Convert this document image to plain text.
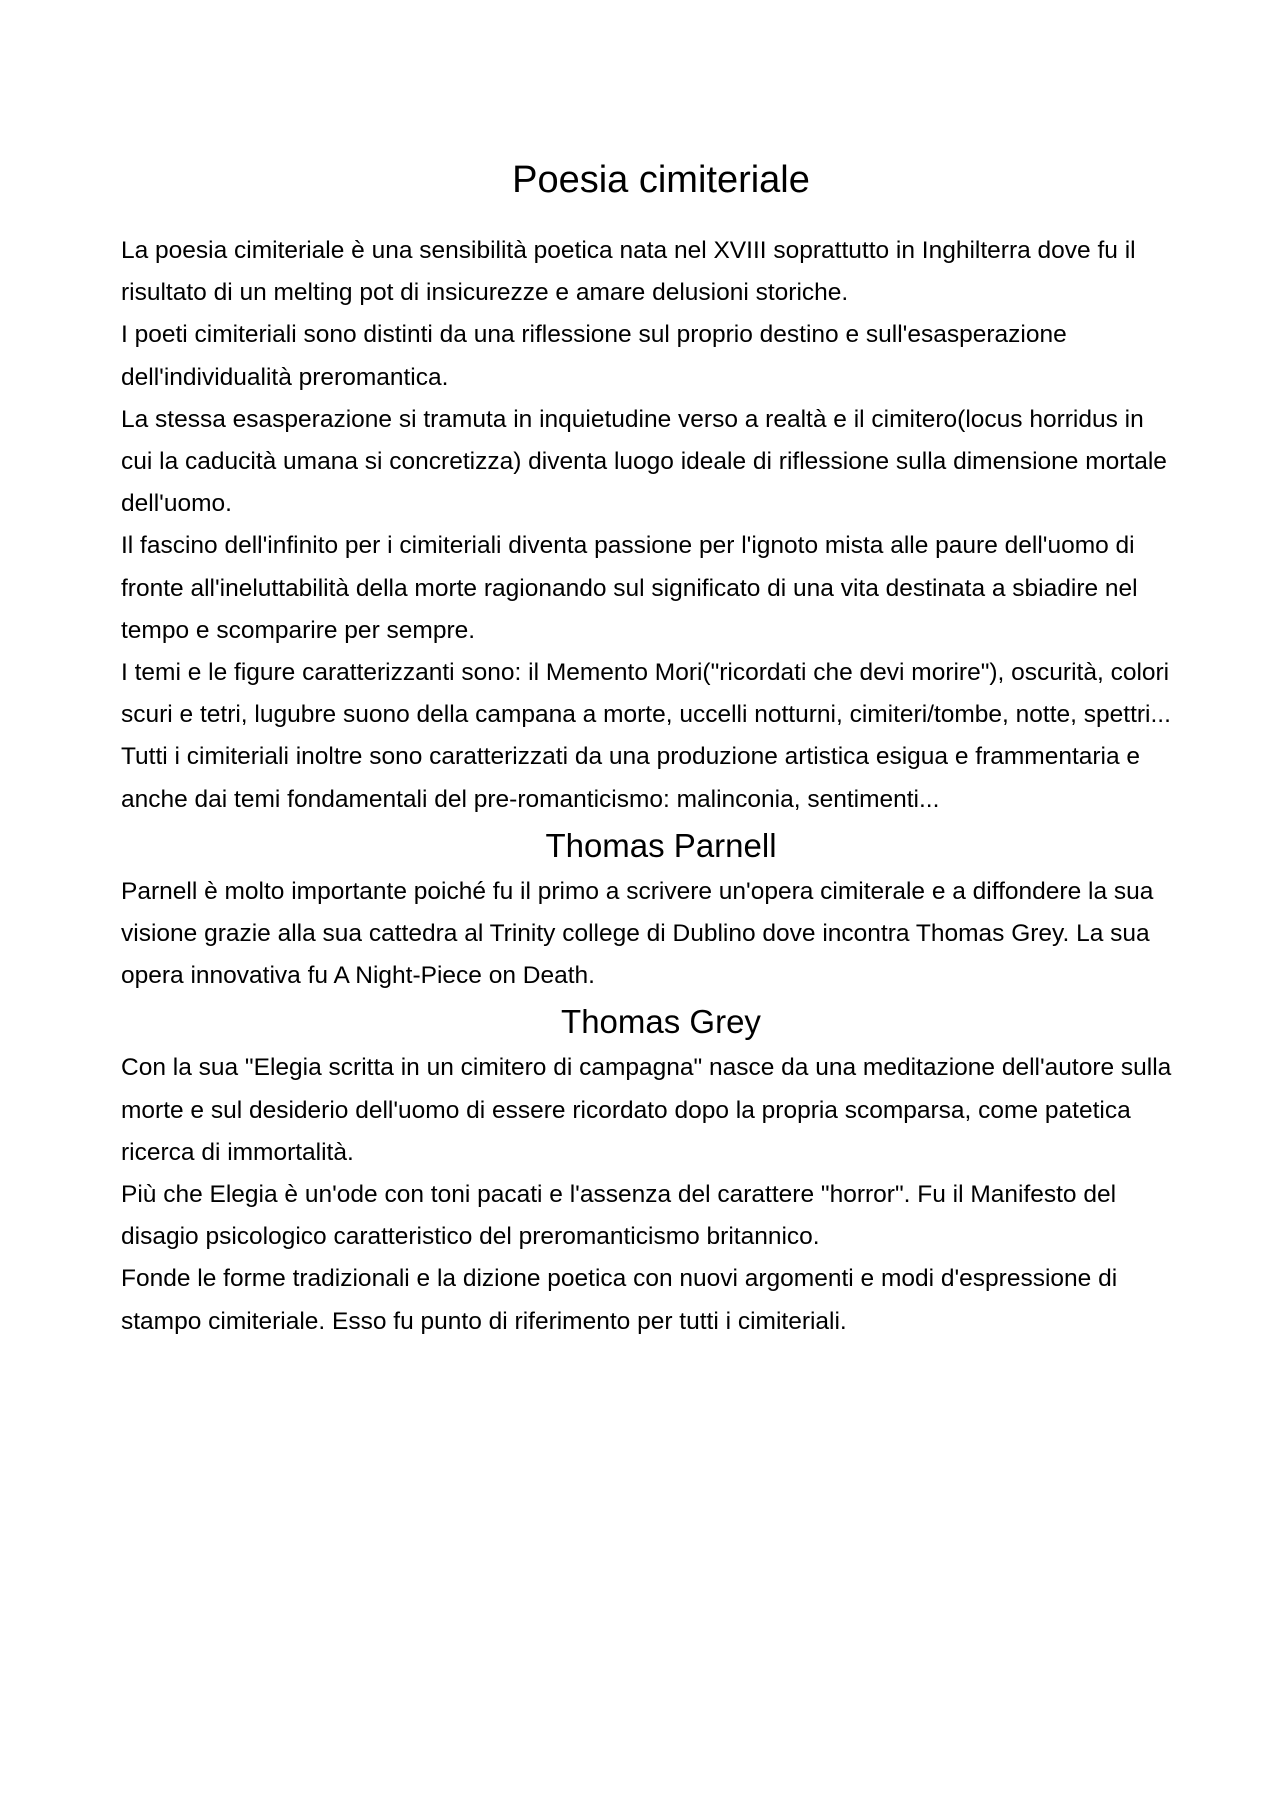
Poesia cimiteriale

La poesia cimiteriale è una sensibilità poetica nata nel XVIII soprattutto in Inghilterra dove fu il risultato di un melting pot di insicurezze e amare delusioni storiche.

I poeti cimiteriali sono distinti da una riflessione sul proprio destino e sull'esasperazione dell'individualità preromantica.

La stessa esasperazione si tramuta in inquietudine verso a realtà e il cimitero(locus horridus in cui la caducità umana si concretizza) diventa luogo ideale di riflessione sulla dimensione mortale dell'uomo.

Il fascino dell'infinito per i cimiteriali diventa passione per l'ignoto mista alle paure dell'uomo di fronte all'ineluttabilità della morte ragionando sul significato di una vita destinata a sbiadire nel tempo e scomparire per sempre.

I temi e le figure caratterizzanti sono: il Memento Mori("ricordati che devi morire"), oscurità, colori scuri e tetri, lugubre suono della campana a morte, uccelli notturni, cimiteri/tombe, notte, spettri...

Tutti i cimiteriali inoltre sono caratterizzati da una produzione artistica esigua e frammentaria e anche dai temi fondamentali del pre-romanticismo: malinconia, sentimenti...

Thomas Parnell

Parnell è molto importante poiché fu il primo a scrivere un'opera cimiterale e a diffondere la sua visione grazie alla sua cattedra al Trinity college di Dublino dove incontra Thomas Grey. La sua opera innovativa fu A Night-Piece on Death.

Thomas Grey

Con la sua "Elegia scritta in un cimitero di campagna" nasce da una meditazione dell'autore sulla morte e sul desiderio dell'uomo di essere ricordato dopo la propria scomparsa, come patetica ricerca di immortalità.

Più che Elegia è un'ode con toni pacati e l'assenza del carattere "horror". Fu il Manifesto del disagio psicologico caratteristico del preromanticismo britannico.

Fonde le forme tradizionali e la dizione poetica con nuovi argomenti e modi d'espressione di stampo cimiteriale. Esso fu punto di riferimento per tutti i cimiteriali.
